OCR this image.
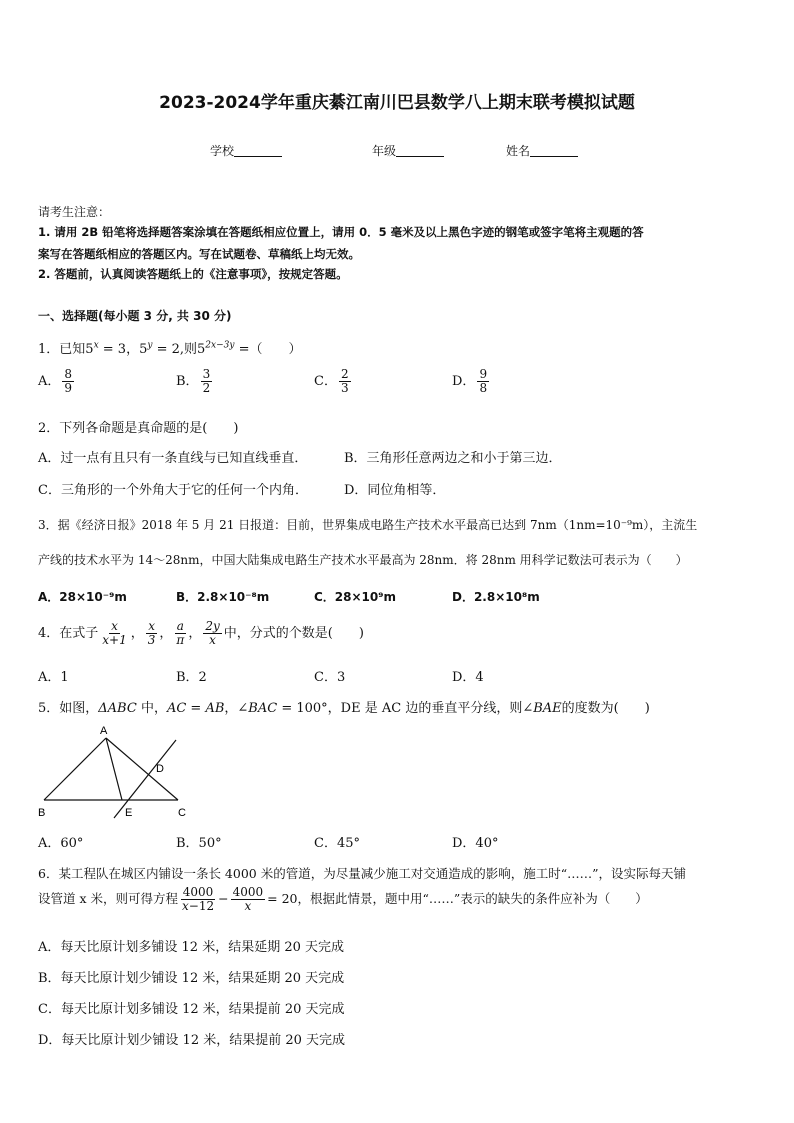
2023-2024学年重庆綦江南川巴县数学八上期末联考模拟试题
学校	年级	姓名
请考生注意：
1. 请用 2B 铅笔将选择题答案涂填在答题纸相应位置上，请用 0．5 毫米及以上黑色字迹的钢笔或签字笔将主观题的答
案写在答题纸相应的答题区内。写在试题卷、草稿纸上均无效。
2. 答题前，认真阅读答题纸上的《注意事项》，按规定答题。
一、选择题(每小题 3 分, 共 30 分)
1．已知$5^x = 3$，$5^y = 2$,则$5^{2x-3y}$ =（　　）
A． $\frac{8}{9}$	B． $\frac{3}{2}$	C． $\frac{2}{3}$	D． $\frac{9}{8}$
2．下列各命题是真命题的是(　　)
A．过一点有且只有一条直线与已知直线垂直．	B．三角形任意两边之和小于第三边．
C．三角形的一个外角大于它的任何一个内角．	D．同位角相等．
3．据《经济日报》2018 年 5 月 21 日报道：目前，世界集成电路生产技术水平最高已达到 7nm（1nm=10⁻⁹m），主流生
产线的技术水平为 14～28nm，中国大陆集成电路生产技术水平最高为 28nm．将 28nm 用科学记数法可表示为（　　）
A．28×10⁻⁹m	B．2.8×10⁻⁸m	C．28×10⁹m	D．2.8×10⁸m
4．在式子 $\frac{x}{x+1}$ ， $\frac{x}{3}$ ， $\frac{a}{\pi}$ ， $\frac{2y}{x}$ 中，分式的个数是(　　)
A．1	B．2	C．3	D．4
5．如图，ΔABC 中，AC = AB，∠BAC = 100°，DE 是 AC 边的垂直平分线，则∠BAE的度数为(　　)
A
B	C
D
E
A．60°	B．50°	C．45°	D．40°
6．某工程队在城区内铺设一条长 4000 米的管道，为尽量减少施工对交通造成的影响，施工时“……”，设实际每天铺
设管道 x 米，则可得方程 $\frac{4000}{x-12} - \frac{4000}{x} = 20$，根据此情景，题中用“……”表示的缺失的条件应补为（　　）
A．每天比原计划多铺设 12 米，结果延期 20 天完成
B．每天比原计划少铺设 12 米，结果延期 20 天完成
C．每天比原计划多铺设 12 米，结果提前 20 天完成
D．每天比原计划少铺设 12 米，结果提前 20 天完成
